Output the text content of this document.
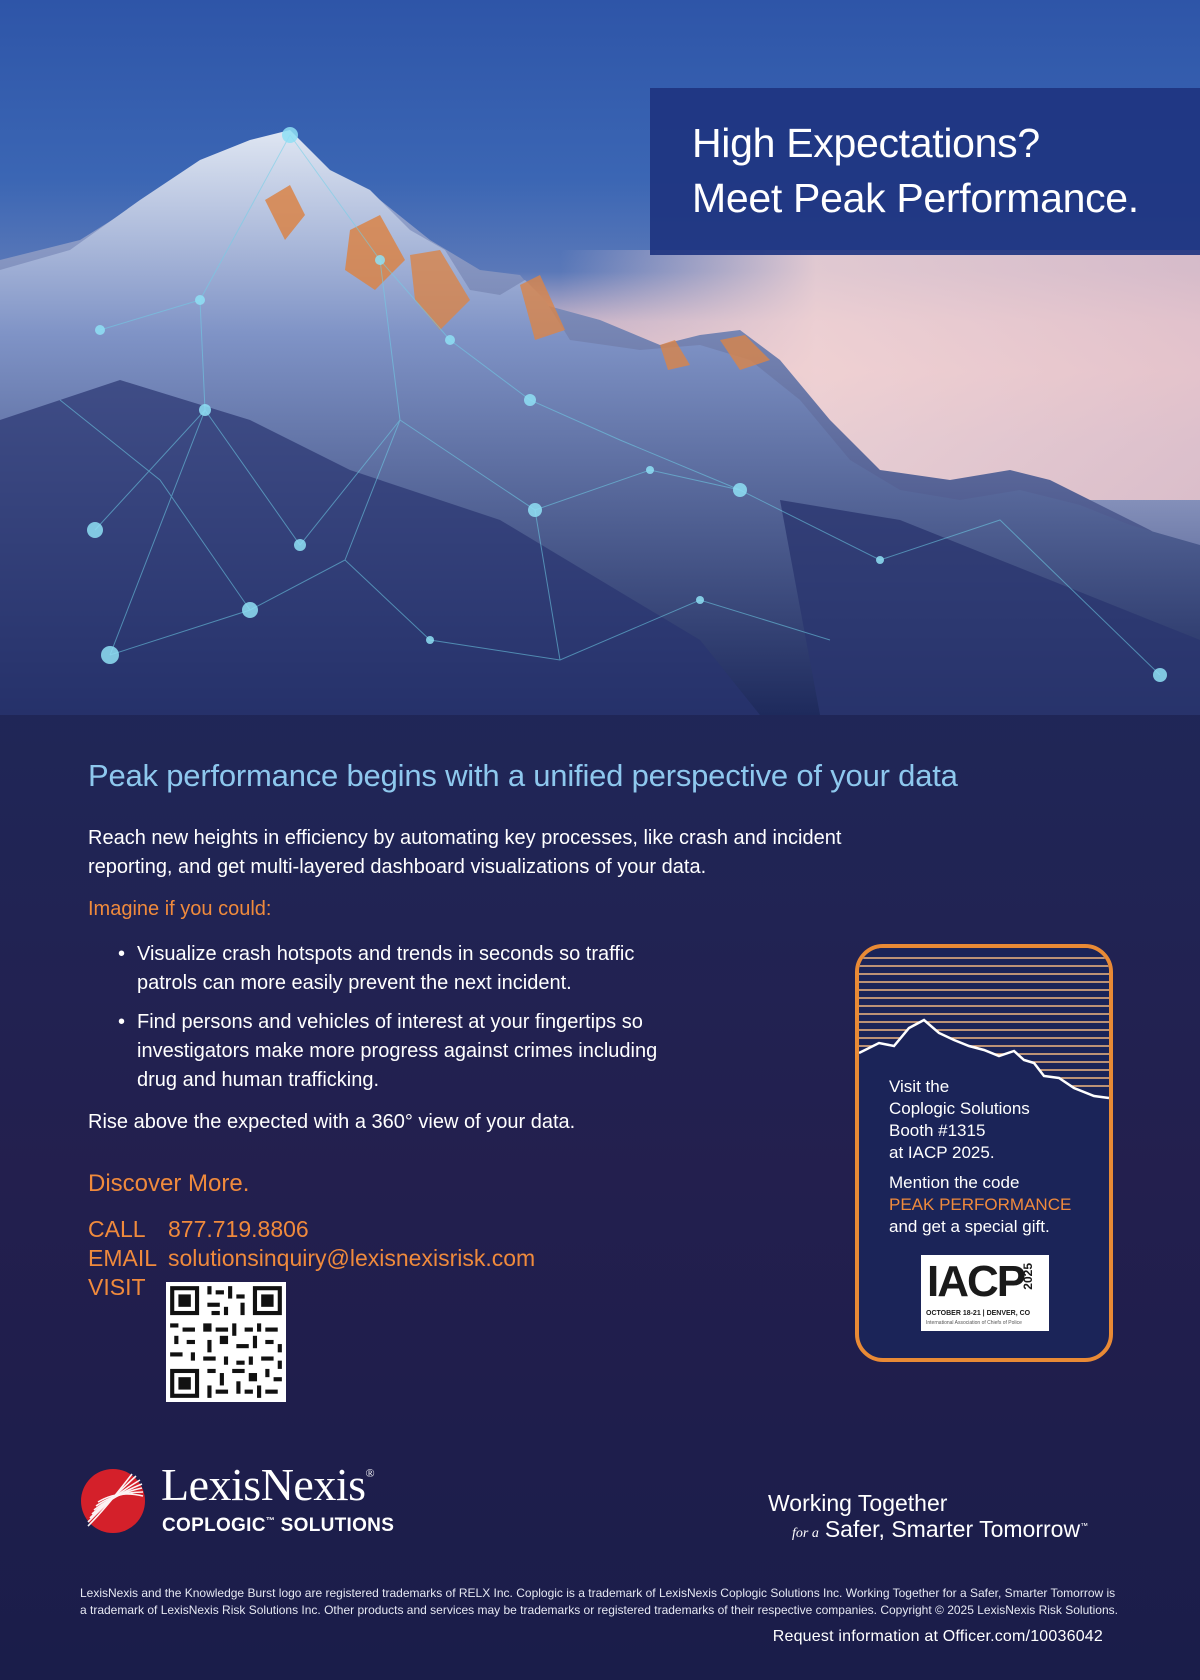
High Expectations?
Meet Peak Performance.
Peak performance begins with a unified perspective of your data
Reach new heights in efficiency by automating key processes, like crash and incident reporting, and get multi-layered dashboard visualizations of your data.
Imagine if you could:
• Visualize crash hotspots and trends in seconds so traffic patrols can more easily prevent the next incident.
• Find persons and vehicles of interest at your fingertips so investigators make more progress against crimes including drug and human trafficking.
Rise above the expected with a 360° view of your data.
Discover More.
CALL 877.719.8806
EMAIL solutionsinquiry@lexisnexisrisk.com
VISIT
Visit the
Coplogic Solutions
Booth #1315
at IACP 2025.
Mention the code
PEAK PERFORMANCE
and get a special gift.
IACP
2025
OCTOBER 18-21 | DENVER, CO
International Association of Chiefs of Police
LexisNexis®
COPLOGIC™ SOLUTIONS
Working Together
for a Safer, Smarter Tomorrow™
LexisNexis and the Knowledge Burst logo are registered trademarks of RELX Inc. Coplogic is a trademark of LexisNexis Coplogic Solutions Inc. Working Together for a Safer, Smarter Tomorrow is a trademark of LexisNexis Risk Solutions Inc. Other products and services may be trademarks or registered trademarks of their respective companies. Copyright © 2025 LexisNexis Risk Solutions.
Request information at Officer.com/10036042
